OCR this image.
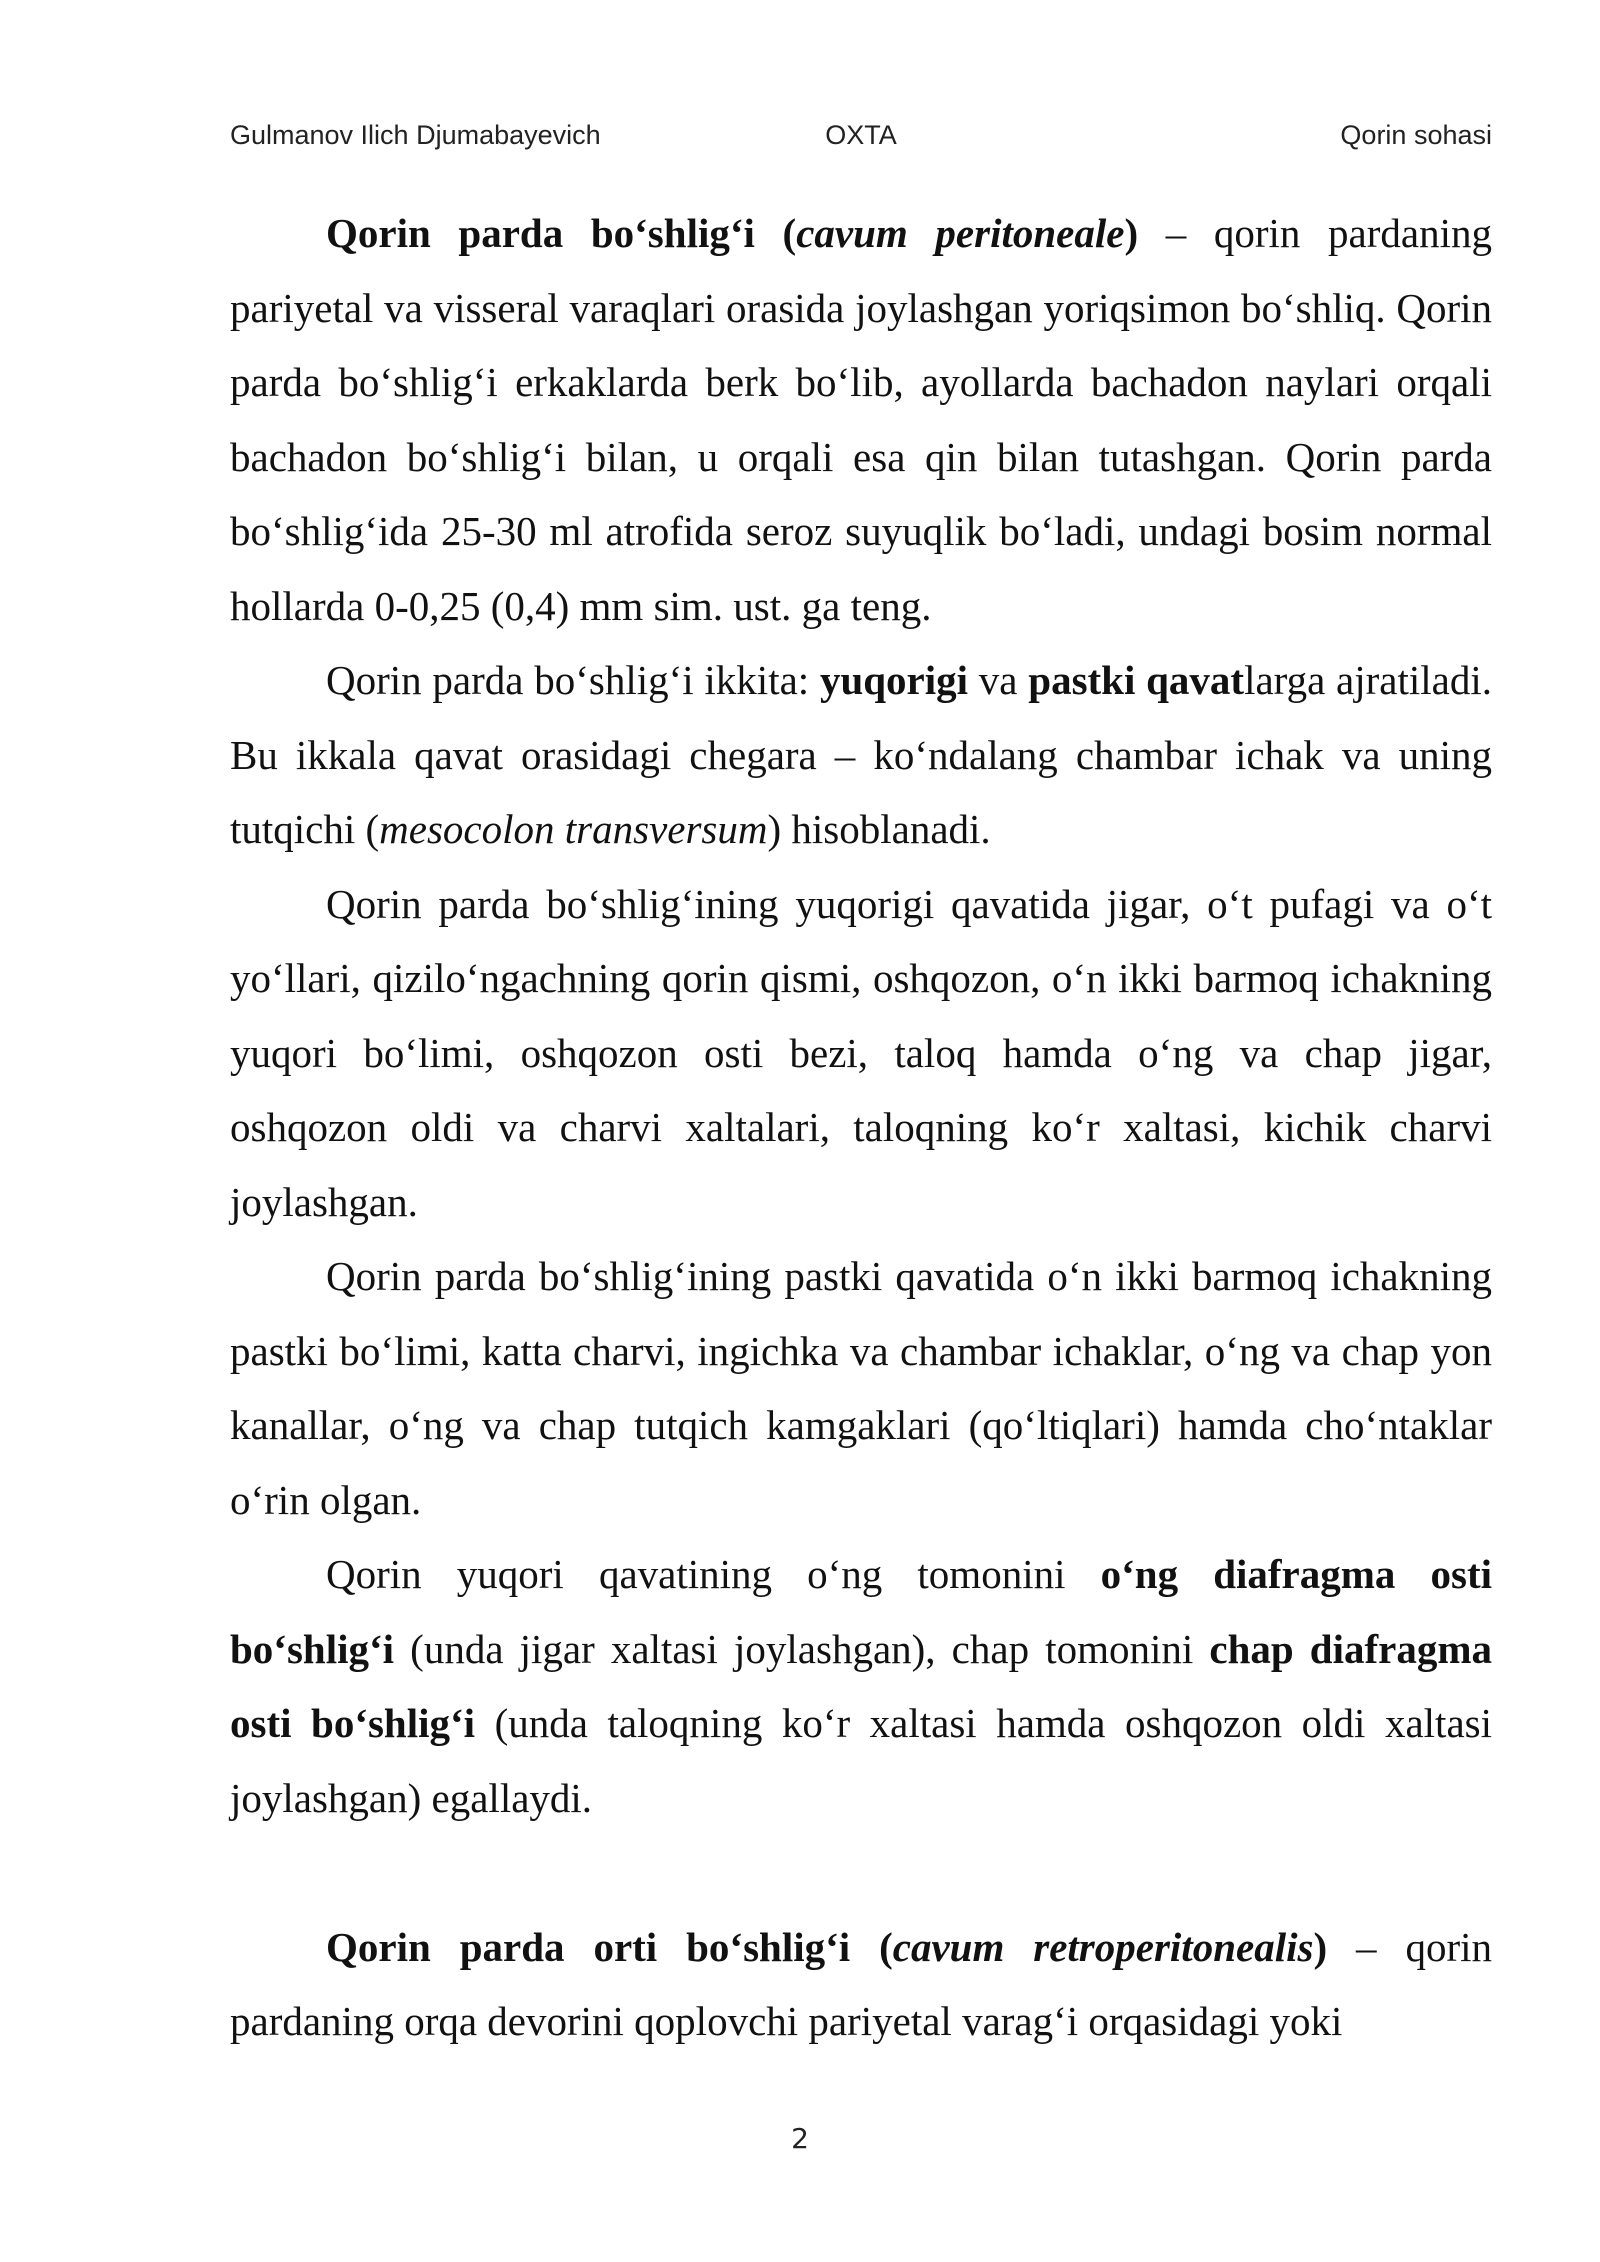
Gulmanov Ilich Djumabayevich	OXTA	Qorin sohasi

Qorin parda bo‘shlig‘i (cavum peritoneale) – qorin pardaning pariyetal va visseral varaqlari orasida joylashgan yoriqsimon bo‘shliq. Qorin parda bo‘shlig‘i erkaklarda berk bo‘lib, ayollarda bachadon naylari orqali bachadon bo‘shlig‘i bilan, u orqali esa qin bilan tutashgan. Qorin parda bo‘shlig‘ida 25-30 ml atrofida seroz suyuqlik bo‘ladi, undagi bosim normal hollarda 0-0,25 (0,4) mm sim. ust. ga teng.

Qorin parda bo‘shlig‘i ikkita: yuqorigi va pastki qavatlarga ajratiladi. Bu ikkala qavat orasidagi chegara – ko‘ndalang chambar ichak va uning tutqichi (mesocolon transversum) hisoblanadi.

Qorin parda bo‘shlig‘ining yuqorigi qavatida jigar, o‘t pufagi va o‘t yo‘llari, qizilo‘ngachning qorin qismi, oshqozon, o‘n ikki barmoq ichakning yuqori bo‘limi, oshqozon osti bezi, taloq hamda o‘ng va chap jigar, oshqozon oldi va charvi xaltalari, taloqning ko‘r xaltasi, kichik charvi joylashgan.

Qorin parda bo‘shlig‘ining pastki qavatida o‘n ikki barmoq ichakning pastki bo‘limi, katta charvi, ingichka va chambar ichaklar, o‘ng va chap yon kanallar, o‘ng va chap tutqich kamgaklari (qo‘ltiqlari) hamda cho‘ntaklar o‘rin olgan.

Qorin yuqori qavatining o‘ng tomonini o‘ng diafragma osti bo‘shlig‘i (unda jigar xaltasi joylashgan), chap tomonini chap diafragma osti bo‘shlig‘i (unda taloqning ko‘r xaltasi hamda oshqozon oldi xaltasi joylashgan) egallaydi.

Qorin parda orti bo‘shlig‘i (cavum retroperitonealis) – qorin pardaning orqa devorini qoplovchi pariyetal varag‘i orqasidagi yoki

2
